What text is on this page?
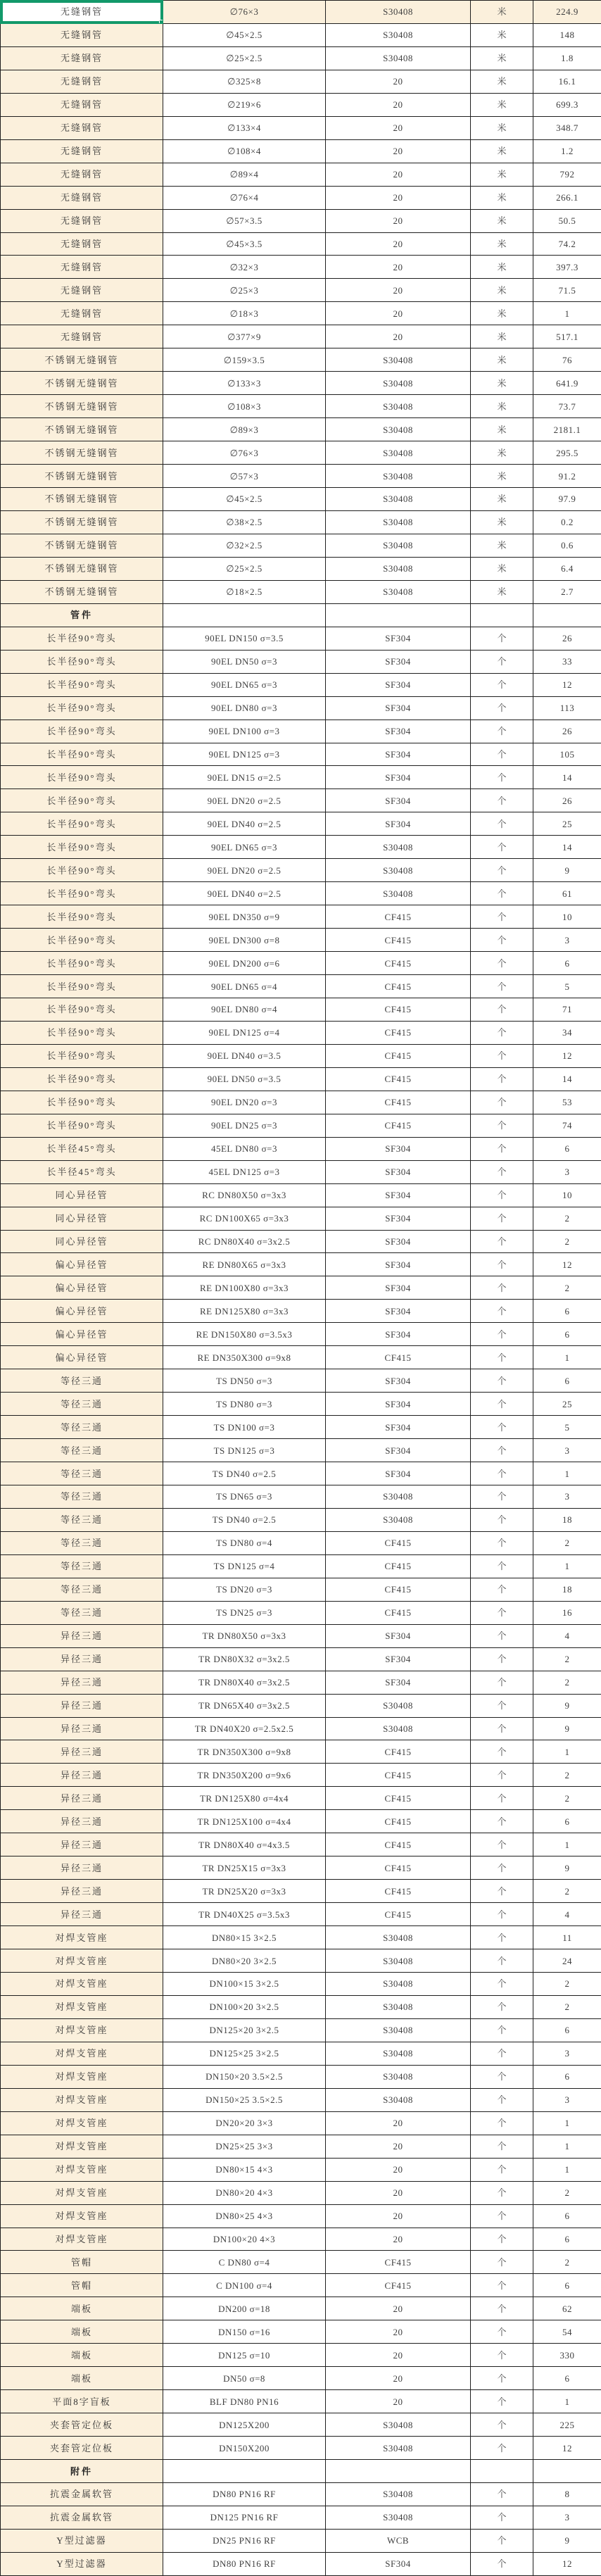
无缝钢管	∅76×3	S30408	米	224.9
无缝钢管	∅45×2.5	S30408	米	148
无缝钢管	∅25×2.5	S30408	米	1.8
无缝钢管	∅325×8	20	米	16.1
无缝钢管	∅219×6	20	米	699.3
无缝钢管	∅133×4	20	米	348.7
无缝钢管	∅108×4	20	米	1.2
无缝钢管	∅89×4	20	米	792
无缝钢管	∅76×4	20	米	266.1
无缝钢管	∅57×3.5	20	米	50.5
无缝钢管	∅45×3.5	20	米	74.2
无缝钢管	∅32×3	20	米	397.3
无缝钢管	∅25×3	20	米	71.5
无缝钢管	∅18×3	20	米	1
无缝钢管	∅377×9	20	米	517.1
不锈钢无缝钢管	∅159×3.5	S30408	米	76
不锈钢无缝钢管	∅133×3	S30408	米	641.9
不锈钢无缝钢管	∅108×3	S30408	米	73.7
不锈钢无缝钢管	∅89×3	S30408	米	2181.1
不锈钢无缝钢管	∅76×3	S30408	米	295.5
不锈钢无缝钢管	∅57×3	S30408	米	91.2
不锈钢无缝钢管	∅45×2.5	S30408	米	97.9
不锈钢无缝钢管	∅38×2.5	S30408	米	0.2
不锈钢无缝钢管	∅32×2.5	S30408	米	0.6
不锈钢无缝钢管	∅25×2.5	S30408	米	6.4
不锈钢无缝钢管	∅18×2.5	S30408	米	2.7
管件				
长半径90°弯头	90EL DN150 σ=3.5	SF304	个	26
长半径90°弯头	90EL DN50 σ=3	SF304	个	33
长半径90°弯头	90EL DN65 σ=3	SF304	个	12
长半径90°弯头	90EL DN80 σ=3	SF304	个	113
长半径90°弯头	90EL DN100 σ=3	SF304	个	26
长半径90°弯头	90EL DN125 σ=3	SF304	个	105
长半径90°弯头	90EL DN15 σ=2.5	SF304	个	14
长半径90°弯头	90EL DN20 σ=2.5	SF304	个	26
长半径90°弯头	90EL DN40 σ=2.5	SF304	个	25
长半径90°弯头	90EL DN65 σ=3	S30408	个	14
长半径90°弯头	90EL DN20 σ=2.5	S30408	个	9
长半径90°弯头	90EL DN40 σ=2.5	S30408	个	61
长半径90°弯头	90EL DN350 σ=9	CF415	个	10
长半径90°弯头	90EL DN300 σ=8	CF415	个	3
长半径90°弯头	90EL DN200 σ=6	CF415	个	6
长半径90°弯头	90EL DN65 σ=4	CF415	个	5
长半径90°弯头	90EL DN80 σ=4	CF415	个	71
长半径90°弯头	90EL DN125 σ=4	CF415	个	34
长半径90°弯头	90EL DN40 σ=3.5	CF415	个	12
长半径90°弯头	90EL DN50 σ=3.5	CF415	个	14
长半径90°弯头	90EL DN20 σ=3	CF415	个	53
长半径90°弯头	90EL DN25 σ=3	CF415	个	74
长半径45°弯头	45EL DN80 σ=3	SF304	个	6
长半径45°弯头	45EL DN125 σ=3	SF304	个	3
同心异径管	RC DN80X50 σ=3x3	SF304	个	10
同心异径管	RC DN100X65 σ=3x3	SF304	个	2
同心异径管	RC DN80X40 σ=3x2.5	SF304	个	2
偏心异径管	RE DN80X65 σ=3x3	SF304	个	12
偏心异径管	RE DN100X80 σ=3x3	SF304	个	2
偏心异径管	RE DN125X80 σ=3x3	SF304	个	6
偏心异径管	RE DN150X80 σ=3.5x3	SF304	个	6
偏心异径管	RE DN350X300 σ=9x8	CF415	个	1
等径三通	TS DN50 σ=3	SF304	个	6
等径三通	TS DN80 σ=3	SF304	个	25
等径三通	TS DN100 σ=3	SF304	个	5
等径三通	TS DN125 σ=3	SF304	个	3
等径三通	TS DN40 σ=2.5	SF304	个	1
等径三通	TS DN65 σ=3	S30408	个	3
等径三通	TS DN40 σ=2.5	S30408	个	18
等径三通	TS DN80 σ=4	CF415	个	2
等径三通	TS DN125 σ=4	CF415	个	1
等径三通	TS DN20 σ=3	CF415	个	18
等径三通	TS DN25 σ=3	CF415	个	16
异径三通	TR DN80X50 σ=3x3	SF304	个	4
异径三通	TR DN80X32 σ=3x2.5	SF304	个	2
异径三通	TR DN80X40 σ=3x2.5	SF304	个	2
异径三通	TR DN65X40 σ=3x2.5	S30408	个	9
异径三通	TR DN40X20 σ=2.5x2.5	S30408	个	9
异径三通	TR DN350X300 σ=9x8	CF415	个	1
异径三通	TR DN350X200 σ=9x6	CF415	个	2
异径三通	TR DN125X80 σ=4x4	CF415	个	2
异径三通	TR DN125X100 σ=4x4	CF415	个	6
异径三通	TR DN80X40 σ=4x3.5	CF415	个	1
异径三通	TR DN25X15 σ=3x3	CF415	个	9
异径三通	TR DN25X20 σ=3x3	CF415	个	2
异径三通	TR DN40X25 σ=3.5x3	CF415	个	4
对焊支管座	DN80×15 3×2.5	S30408	个	11
对焊支管座	DN80×20 3×2.5	S30408	个	24
对焊支管座	DN100×15 3×2.5	S30408	个	2
对焊支管座	DN100×20 3×2.5	S30408	个	2
对焊支管座	DN125×20 3×2.5	S30408	个	6
对焊支管座	DN125×25 3×2.5	S30408	个	3
对焊支管座	DN150×20 3.5×2.5	S30408	个	6
对焊支管座	DN150×25 3.5×2.5	S30408	个	3
对焊支管座	DN20×20 3×3	20	个	1
对焊支管座	DN25×25 3×3	20	个	1
对焊支管座	DN80×15 4×3	20	个	1
对焊支管座	DN80×20 4×3	20	个	2
对焊支管座	DN80×25 4×3	20	个	6
对焊支管座	DN100×20 4×3	20	个	6
管帽	C DN80 σ=4	CF415	个	2
管帽	C DN100 σ=4	CF415	个	6
端板	DN200 σ=18	20	个	62
端板	DN150 σ=16	20	个	54
端板	DN125 σ=10	20	个	330
端板	DN50 σ=8	20	个	6
平面8字盲板	BLF DN80 PN16	20	个	1
夹套管定位板	DN125X200	S30408	个	225
夹套管定位板	DN150X200	S30408	个	12
附件				
抗震金属软管	DN80 PN16 RF	S30408	个	8
抗震金属软管	DN125 PN16 RF	S30408	个	3
Y型过滤器	DN25 PN16 RF	WCB	个	9
Y型过滤器	DN80 PN16 RF	SF304	个	12
